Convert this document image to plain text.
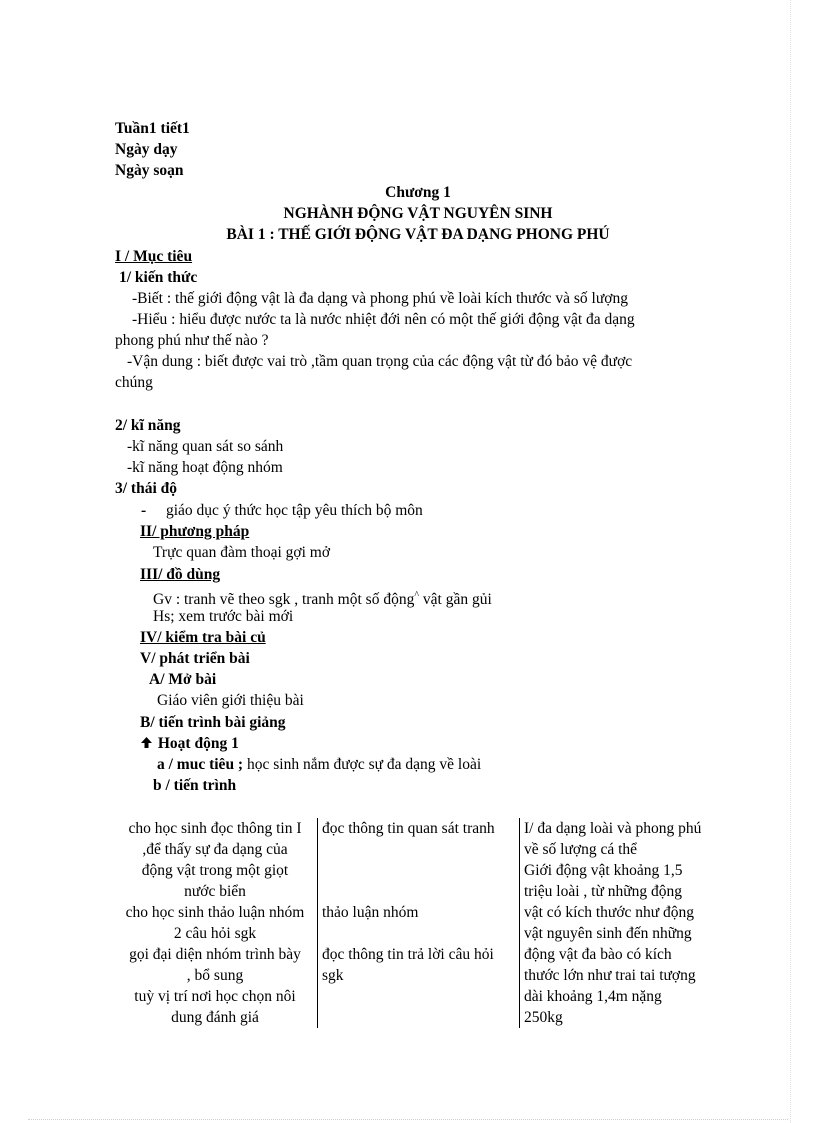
Tuần1 tiết1
Ngày dạy
Ngày soạn
Chương 1
NGHÀNH ĐỘNG VẬT NGUYÊN SINH
BÀI 1 : THẾ GIỚI ĐỘNG VẬT ĐA DẠNG PHONG PHÚ
I / Mục tiêu
1/ kiến thức
-Biết : thế giới động vật là đa dạng và phong phú về loài kích thước và số lượng
-Hiểu : hiểu được nước ta là nước nhiệt đới nên có một thế giới động vật đa dạng
phong phú như thế nào ?
-Vận dung : biết được vai trò ,tầm quan trọng của các động vật từ đó bảo vệ được
chúng
2/ kĩ năng
-kĩ năng quan sát so sánh
-kĩ năng hoạt động nhóm
3/ thái độ
- giáo dục ý thức học tập yêu thích bộ môn
II/ phương pháp
Trực quan đàm thoại gợi mở
III/ đồ dùng
Gv : tranh vẽ theo sgk , tranh một số động^ vật gần gủi
Hs; xem trước bài mới
IV/ kiểm tra bài củ
V/ phát triển bài
A/ Mở bài
Giáo viên giới thiệu bài
B/ tiến trình bài giảng
Hoạt động 1
a / muc tiêu ; học sinh nắm được sự đa dạng về loài
b / tiến trình
cho học sinh đọc thông tin I
,để thấy sự đa dạng của
động vật trong một giọt
nước biển
cho học sinh thảo luận nhóm
2 câu hỏi sgk
gọi đại diện nhóm trình bày
, bổ sung
tuỳ vị trí nơi học chọn nôi
dung đánh giá
đọc thông tin quan sát tranh

thảo luận nhóm

đọc thông tin trả lời câu hỏi
sgk
I/ đa dạng loài và phong phú
về số lượng cá thể
Giới động vật khoảng 1,5
triệu loài , từ những động
vật có kích thước như động
vật nguyên sinh đến những
động vật đa bào có kích
thước lớn như trai tai tượng
dài khoảng 1,4m nặng
250kg
